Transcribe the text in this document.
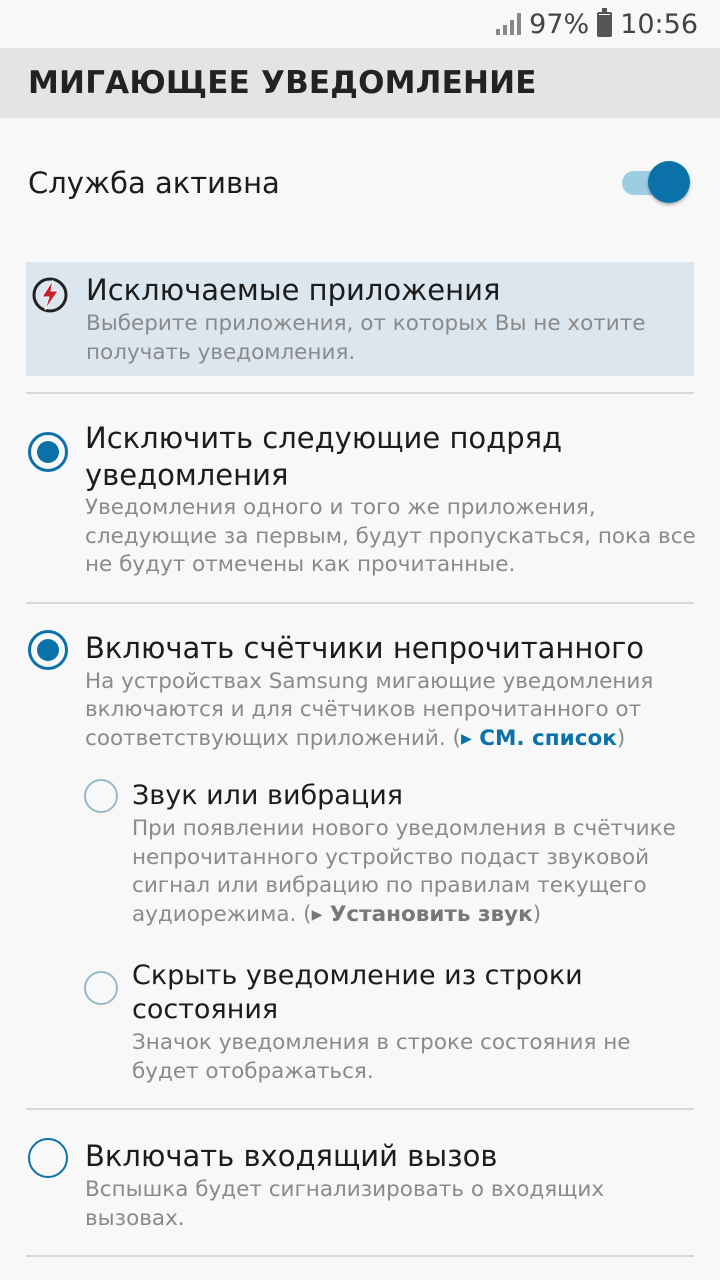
97% 10:56
МИГАЮЩЕЕ УВЕДОМЛЕНИЕ
Служба активна
Исключаемые приложения
Выберите приложения, от которых Вы не хотите получать уведомления.
Исключить следующие подряд уведомления
Уведомления одного и того же приложения, следующие за первым, будут пропускаться, пока все не будут отмечены как прочитанные.
Включать счётчики непрочитанного
На устройствах Samsung мигающие уведомления включаются и для счётчиков непрочитанного от соответствующих приложений. (▸ СМ. список)
Звук или вибрация
При появлении нового уведомления в счётчике непрочитанного устройство подаст звуковой сигнал или вибрацию по правилам текущего аудиорежима. (▸ Установить звук)
Скрыть уведомление из строки состояния
Значок уведомления в строке состояния не будет отображаться.
Включать входящий вызов
Вспышка будет сигнализировать о входящих вызовах.
